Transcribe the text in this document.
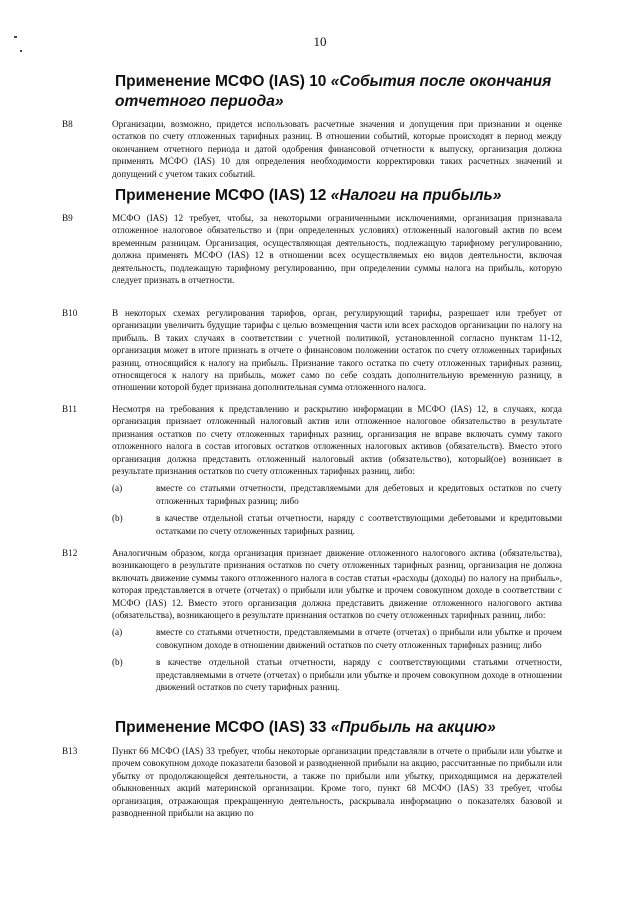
10
Применение МСФО (IAS) 10 «События после окончания отчетного периода»
B8	Организации, возможно, придется использовать расчетные значения и допущения при признании и оценке остатков по счету отложенных тарифных разниц. В отношении событий, которые происходят в период между окончанием отчетного периода и датой одобрения финансовой отчетности к выпуску, организация должна применять МСФО (IAS) 10 для определения необходимости корректировки таких расчетных значений и допущений с учетом таких событий.
Применение МСФО (IAS) 12 «Налоги на прибыль»
B9	МСФО (IAS) 12 требует, чтобы, за некоторыми ограниченными исключениями, организация признавала отложенное налоговое обязательство и (при определенных условиях) отложенный налоговый актив по всем временным разницам. Организация, осуществляющая деятельность, подлежащую тарифному регулированию, должна применять МСФО (IAS) 12 в отношении всех осуществляемых ею видов деятельности, включая деятельность, подлежащую тарифному регулированию, при определении суммы налога на прибыль, которую следует признать в отчетности.
B10	В некоторых схемах регулирования тарифов, орган, регулирующий тарифы, разрешает или требует от организации увеличить будущие тарифы с целью возмещения части или всех расходов организации по налогу на прибыль. В таких случаях в соответствии с учетной политикой, установленной согласно пунктам 11-12, организация может в итоге признать в отчете о финансовом положении остаток по счету отложенных тарифных разниц, относящийся к налогу на прибыль. Признание такого остатка по счету отложенных тарифных разниц, относящегося к налогу на прибыль, может само по себе создать дополнительную временную разницу, в отношении которой будет признана дополнительная сумма отложенного налога.
B11	Несмотря на требования к представлению и раскрытию информации в МСФО (IAS) 12, в случаях, когда организация признает отложенный налоговый актив или отложенное налоговое обязательство в результате признания остатков по счету отложенных тарифных разниц, организация не вправе включать сумму такого отложенного налога в состав итоговых остатков отложенных налоговых активов (обязательств). Вместо этого организация должна представить отложенный налоговый актив (обязательство), который(ое) возникает в результате признания остатков по счету отложенных тарифных разниц, либо:
(a)	вместе со статьями отчетности, представляемыми для дебетовых и кредитовых остатков по счету отложенных тарифных разниц; либо
(b)	в качестве отдельной статьи отчетности, наряду с соответствующими дебетовыми и кредитовыми остатками по счету отложенных тарифных разниц.
B12	Аналогичным образом, когда организация признает движение отложенного налогового актива (обязательства), возникающего в результате признания остатков по счету отложенных тарифных разниц, организация не должна включать движение суммы такого отложенного налога в состав статьи «расходы (доходы) по налогу на прибыль», которая представляется в отчете (отчетах) о прибыли или убытке и прочем совокупном доходе в соответствии с МСФО (IAS) 12. Вместо этого организация должна представить движение отложенного налогового актива (обязательства), возникающего в результате признания остатков по счету отложенных тарифных разниц, либо:
(a)	вместе со статьями отчетности, представляемыми в отчете (отчетах) о прибыли или убытке и прочем совокупном доходе в отношении движений остатков по счету отложенных тарифных разниц; либо
(b)	в качестве отдельной статьи отчетности, наряду с соответствующими статьями отчетности, представляемыми в отчете (отчетах) о прибыли или убытке и прочем совокупном доходе в отношении движений остатков по счету тарифных разниц.
Применение МСФО (IAS) 33 «Прибыль на акцию»
B13	Пункт 66 МСФО (IAS) 33 требует, чтобы некоторые организации представляли в отчете о прибыли или убытке и прочем совокупном доходе показатели базовой и разводненной прибыли на акцию, рассчитанные по прибыли или убытку от продолжающейся деятельности, а также по прибыли или убытку, приходящимся на держателей обыкновенных акций материнской организации. Кроме того, пункт 68 МСФО (IAS) 33 требует, чтобы организация, отражающая прекращенную деятельность, раскрывала информацию о показателях базовой и разводненной прибыли на акцию по
